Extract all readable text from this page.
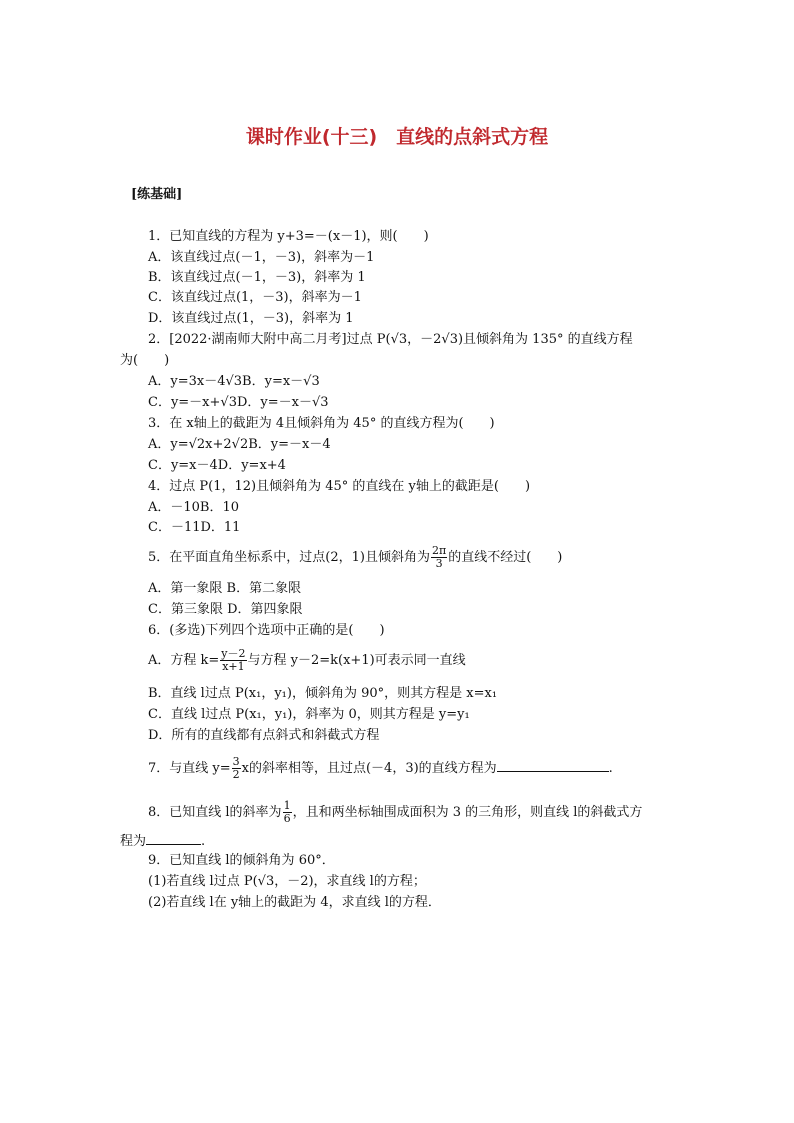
课时作业(十三)　直线的点斜式方程
[练基础]
1．已知直线的方程为 y+3=－(x－1)，则(　　)
A．该直线过点(－1，－3)，斜率为－1
B．该直线过点(－1，－3)，斜率为 1
C．该直线过点(1，－3)，斜率为－1
D．该直线过点(1，－3)，斜率为 1
2．[2022·湖南师大附中高二月考]过点 P(√3，－2√3)且倾斜角为 135° 的直线方程
为(　　)
A．y=3x－4√3B．y=x－√3
C．y=－x+√3D．y=－x－√3
3．在 x轴上的截距为 4且倾斜角为 45° 的直线方程为(　　)
A．y=√2x+2√2B．y=－x－4
C．y=x－4D．y=x+4
4．过点 P(1，12)且倾斜角为 45° 的直线在 y轴上的截距是(　　)
A．－10B．10
C．－11D．11
5．在平面直角坐标系中，过点(2，1)且倾斜角为 $\frac{2\pi}{3}$ 的直线不经过(　　)
A．第一象限 B．第二象限
C．第三象限 D．第四象限
6．(多选)下列四个选项中正确的是(　　)
A．方程 $k= \frac{y-2}{x+1}$ 与方程 y－2=k(x+1)可表示同一直线
B．直线 l过点 P(x₁，y₁)，倾斜角为 90°，则其方程是 x=x₁
C．直线 l过点 P(x₁，y₁)，斜率为 0，则其方程是 y=y₁
D．所有的直线都有点斜式和斜截式方程
7．与直线 $y= \frac{3}{2}$ x的斜率相等，且过点(－4，3)的直线方程为	.
8．已知直线 l的斜率为 $\frac{1}{6}$ ，且和两坐标轴围成面积为 3 的三角形，则直线 l的斜截式方
程为	.
9．已知直线 l的倾斜角为 60°．
(1)若直线 l过点 P(√3，－2)，求直线 l的方程；
(2)若直线 l在 y轴上的截距为 4，求直线 l的方程．
